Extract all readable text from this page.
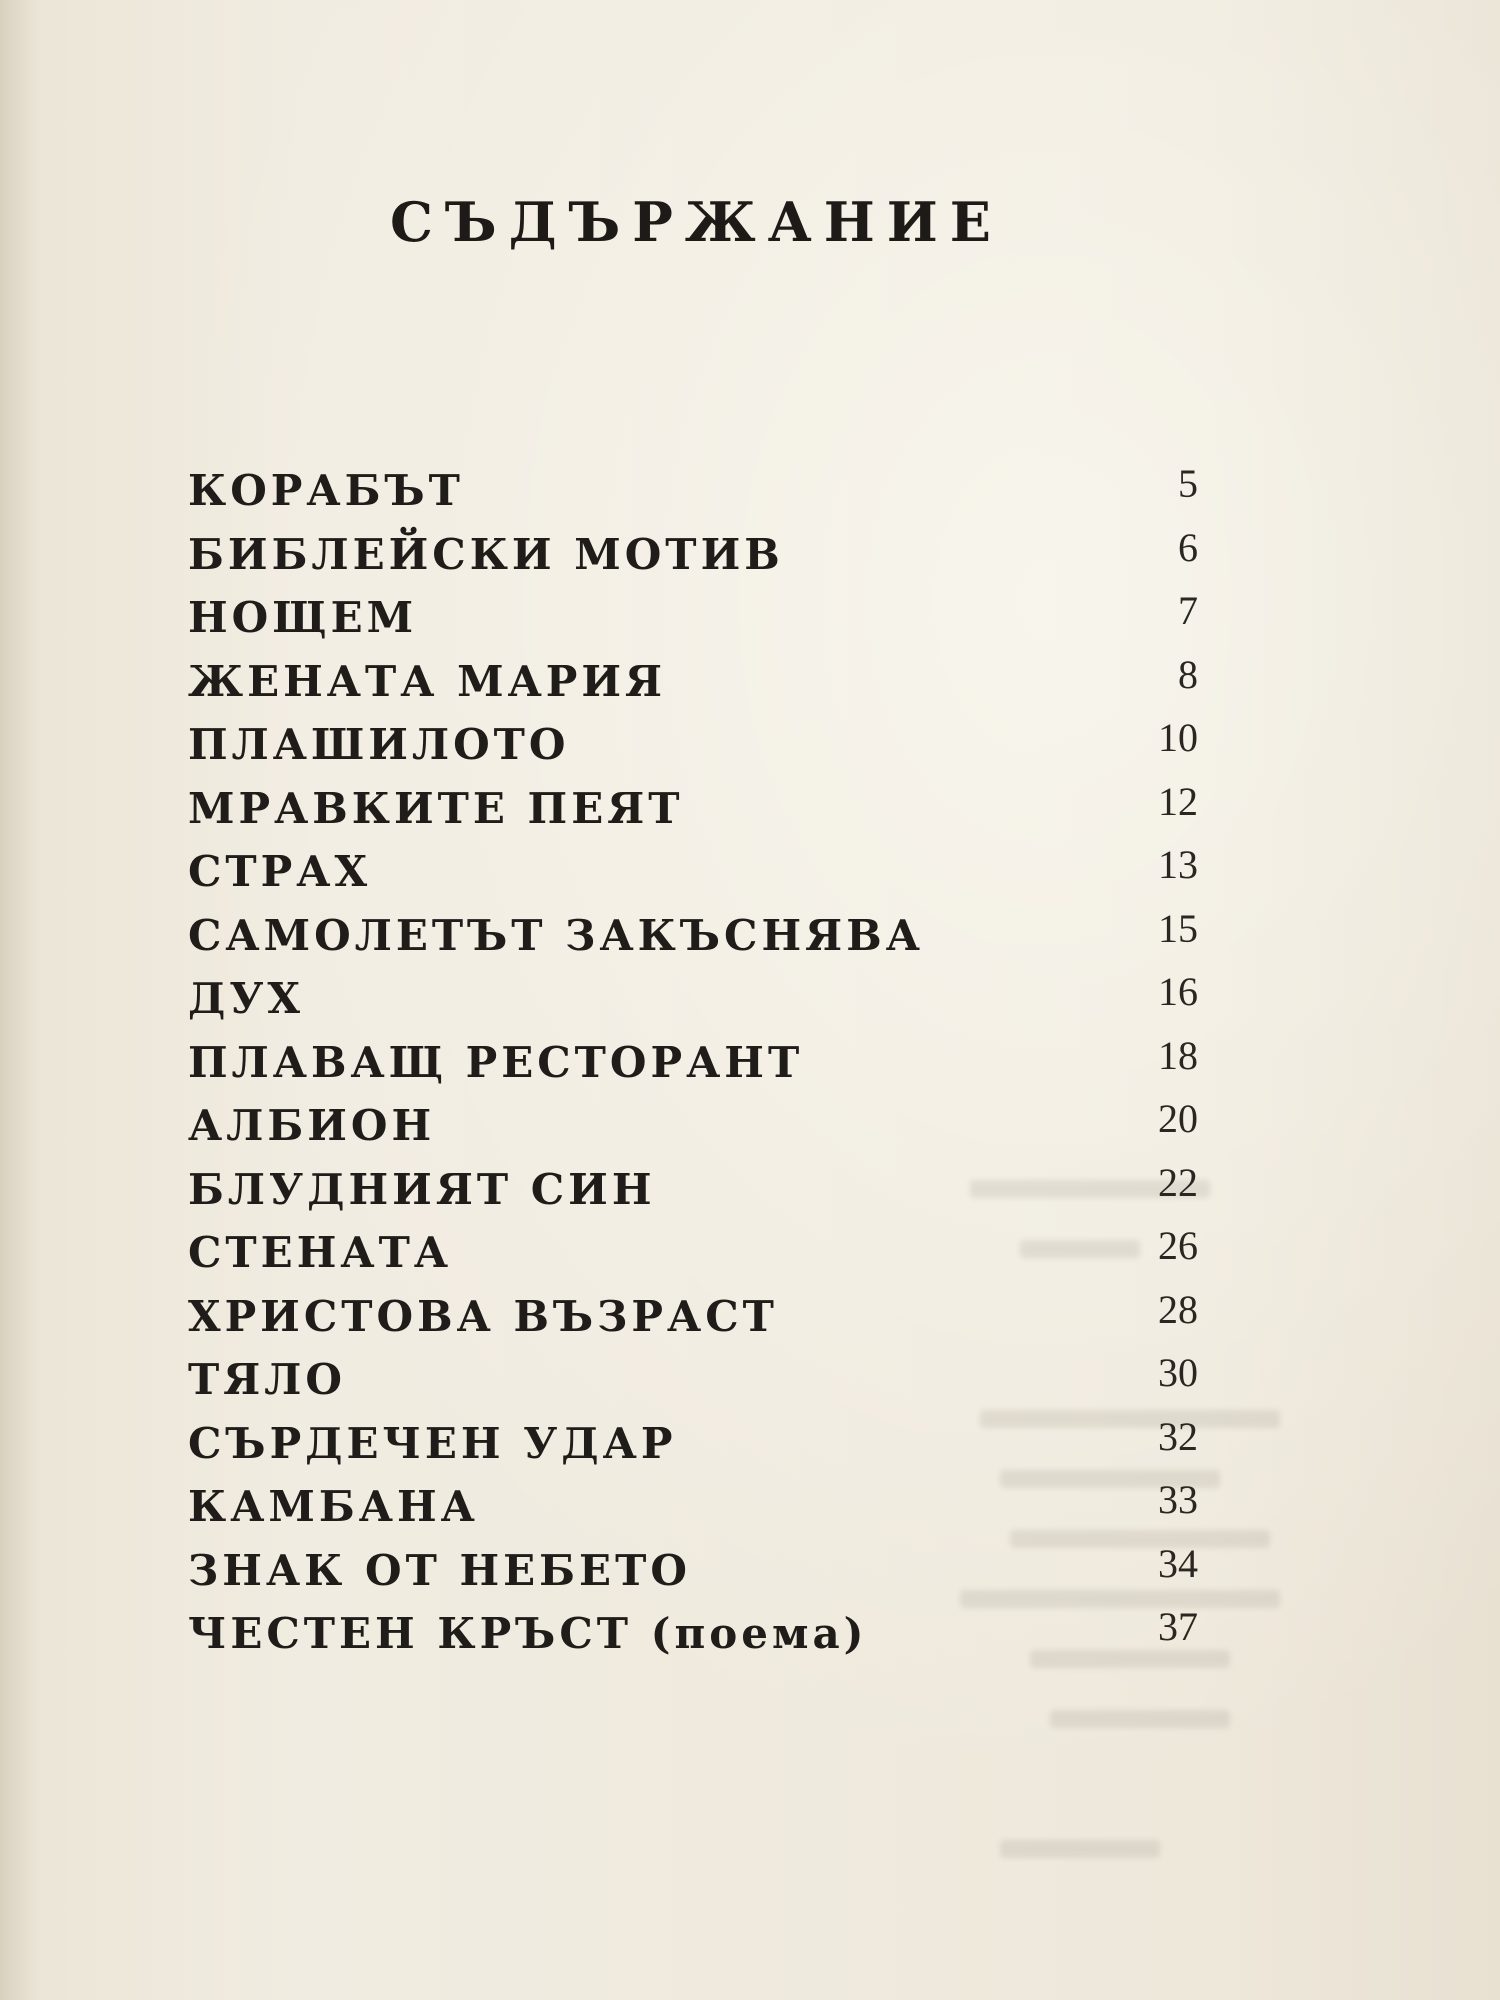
СЪДЪРЖАНИЕ
КОРАБЪТ	5
БИБЛЕЙСКИ МОТИВ	6
НОЩЕМ	7
ЖЕНАТА МАРИЯ	8
ПЛАШИЛОТО	10
МРАВКИТЕ ПЕЯТ	12
СТРАХ	13
САМОЛЕТЪТ ЗАКЪСНЯВА	15
ДУХ	16
ПЛАВАЩ РЕСТОРАНТ	18
АЛБИОН	20
БЛУДНИЯТ СИН	22
СТЕНАТА	26
ХРИСТОВА ВЪЗРАСТ	28
ТЯЛО	30
СЪРДЕЧЕН УДАР	32
КАМБАНА	33
ЗНАК ОТ НЕБЕТО	34
ЧЕСТЕН КРЪСТ (поема)	37
